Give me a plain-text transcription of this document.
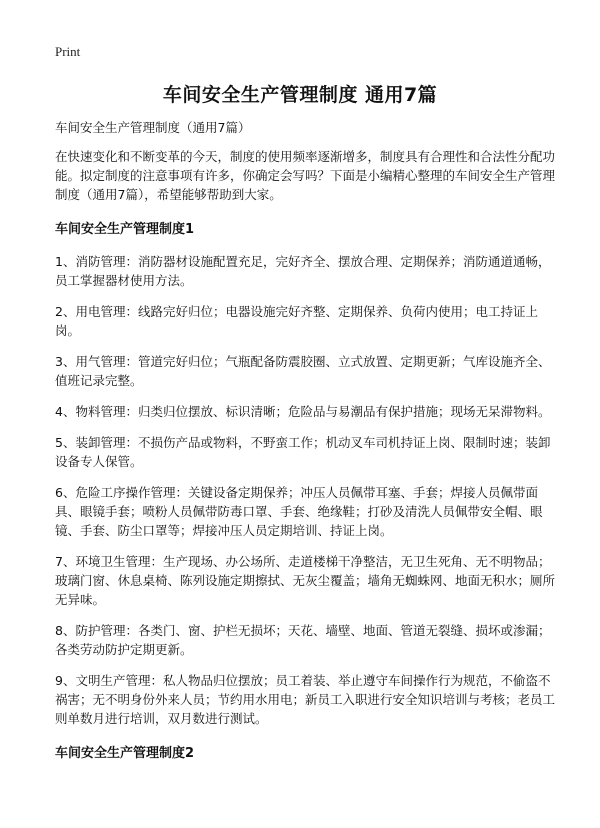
Print
车间安全生产管理制度 通用7篇

车间安全生产管理制度（通用7篇）

在快速变化和不断变革的今天，制度的使用频率逐渐增多，制度具有合理性和合法性分配功能。拟定制度的注意事项有许多，你确定会写吗？下面是小编精心整理的车间安全生产管理制度（通用7篇），希望能够帮助到大家。

车间安全生产管理制度1

1、消防管理：消防器材设施配置充足，完好齐全、摆放合理、定期保养；消防通道通畅，员工掌握器材使用方法。

2、用电管理：线路完好归位；电器设施完好齐整、定期保养、负荷内使用；电工持证上岗。

3、用气管理：管道完好归位；气瓶配备防震胶圈、立式放置、定期更新；气库设施齐全、值班记录完整。

4、物料管理：归类归位摆放、标识清晰；危险品与易潮品有保护措施；现场无呆滞物料。

5、装卸管理：不损伤产品或物料，不野蛮工作；机动叉车司机持证上岗、限制时速；装卸设备专人保管。

6、危险工序操作管理：关键设备定期保养；冲压人员佩带耳塞、手套；焊接人员佩带面具、眼镜手套；喷粉人员佩带防毒口罩、手套、绝缘鞋；打砂及清洗人员佩带安全帽、眼镜、手套、防尘口罩等；焊接冲压人员定期培训、持证上岗。

7、环境卫生管理：生产现场、办公场所、走道楼梯干净整洁，无卫生死角、无不明物品；玻璃门窗、休息桌椅、陈列设施定期擦拭、无灰尘覆盖；墙角无蜘蛛网、地面无积水；厕所无异味。

8、防护管理：各类门、窗、护栏无损坏；天花、墙壁、地面、管道无裂缝、损坏或渗漏；各类劳动防护定期更新。

9、文明生产管理：私人物品归位摆放；员工着装、举止遵守车间操作行为规范，不偷盗不祸害；无不明身份外来人员；节约用水用电；新员工入职进行安全知识培训与考核；老员工则单数月进行培训，双月数进行测试。

车间安全生产管理制度2
